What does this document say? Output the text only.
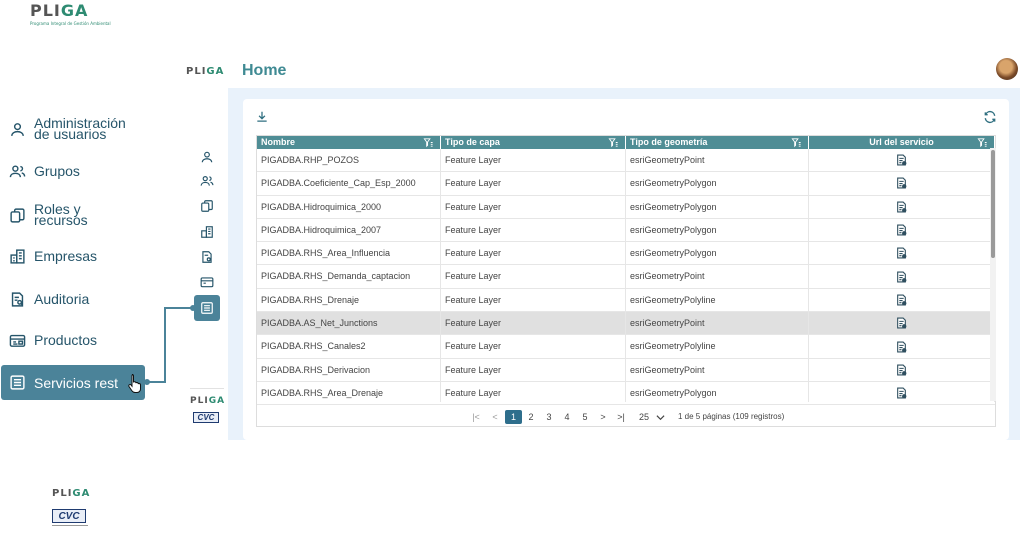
PLIGA
Programa Integral de Gestión Ambiental
Administración de usuarios
Grupos
Roles y recursos
Empresas
Auditoria
Productos
Servicios rest
PLIGA
CVC
PLIGA Home
PLIGA
CVC
Nombre	Tipo de capa	Tipo de geometría	Url del servicio
PIGADBA.RHP_POZOS	Feature Layer	esriGeometryPoint
PIGADBA.Coeficiente_Cap_Esp_2000	Feature Layer	esriGeometryPolygon
PIGADBA.Hidroquimica_2000	Feature Layer	esriGeometryPolygon
PIGADBA.Hidroquimica_2007	Feature Layer	esriGeometryPolygon
PIGADBA.RHS_Area_Influencia	Feature Layer	esriGeometryPolygon
PIGADBA.RHS_Demanda_captacion	Feature Layer	esriGeometryPoint
PIGADBA.RHS_Drenaje	Feature Layer	esriGeometryPolyline
PIGADBA.AS_Net_Junctions	Feature Layer	esriGeometryPoint
PIGADBA.RHS_Canales2	Feature Layer	esriGeometryPolyline
PIGADBA.RHS_Derivacion	Feature Layer	esriGeometryPoint
PIGADBA.RHS_Area_Drenaje	Feature Layer	esriGeometryPolygon
|<	<	1	2	3	4	5	>	>|	25	1 de 5 páginas (109 registros)
